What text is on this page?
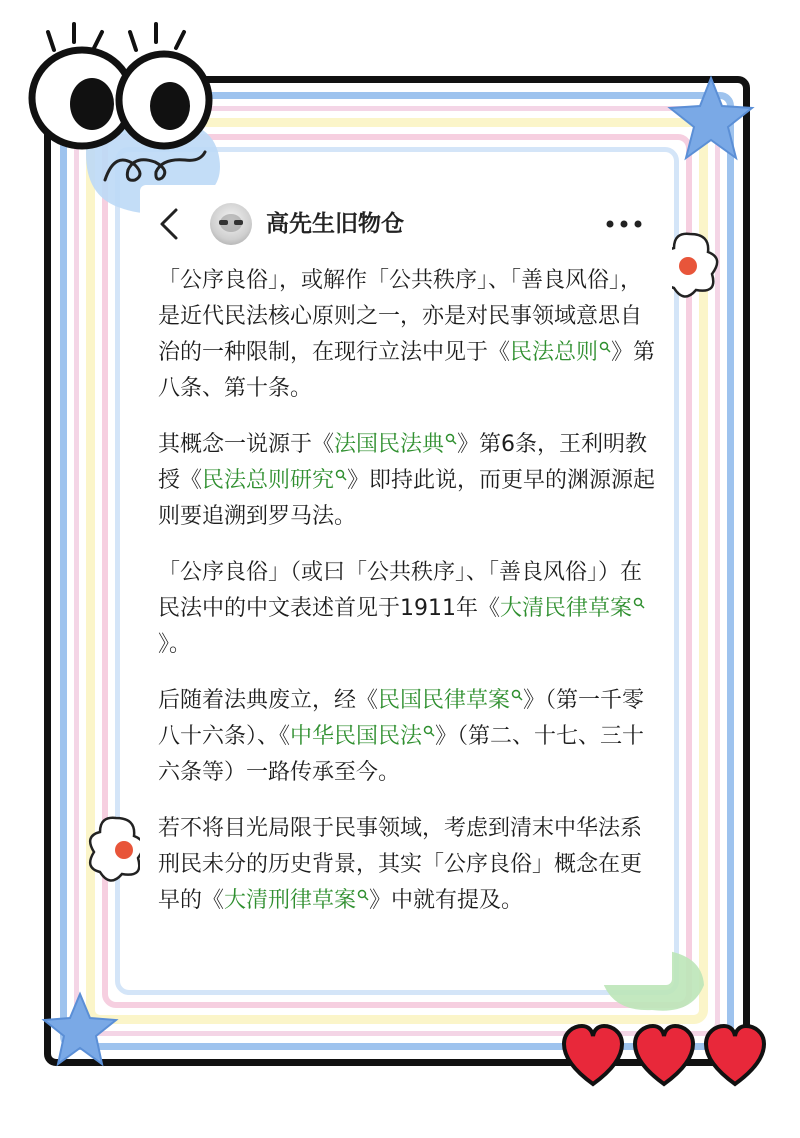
高先生旧物仓

「公序良俗」，或解作「公共秩序」、「善良风俗」，是近代民法核心原则之一，亦是对民事领域意思自治的一种限制，在现行立法中见于《民法总则 》第八条、第十条。

其概念一说源于《法国民法典 》第6条，王利明教授《民法总则研究 》即持此说，而更早的渊源源起则要追溯到罗马法。

「公序良俗」（或曰「公共秩序」、「善良风俗」）在民法中的中文表述首见于1911年《大清民律草案》。

后随着法典废立，经《民国民律草案 》（第一千零八十六条）、《中华民国民法 》（第二、十七、三十六条等）一路传承至今。

若不将目光局限于民事领域，考虑到清末中华法系刑民未分的历史背景，其实「公序良俗」概念在更早的《大清刑律草案 》中就有提及。
